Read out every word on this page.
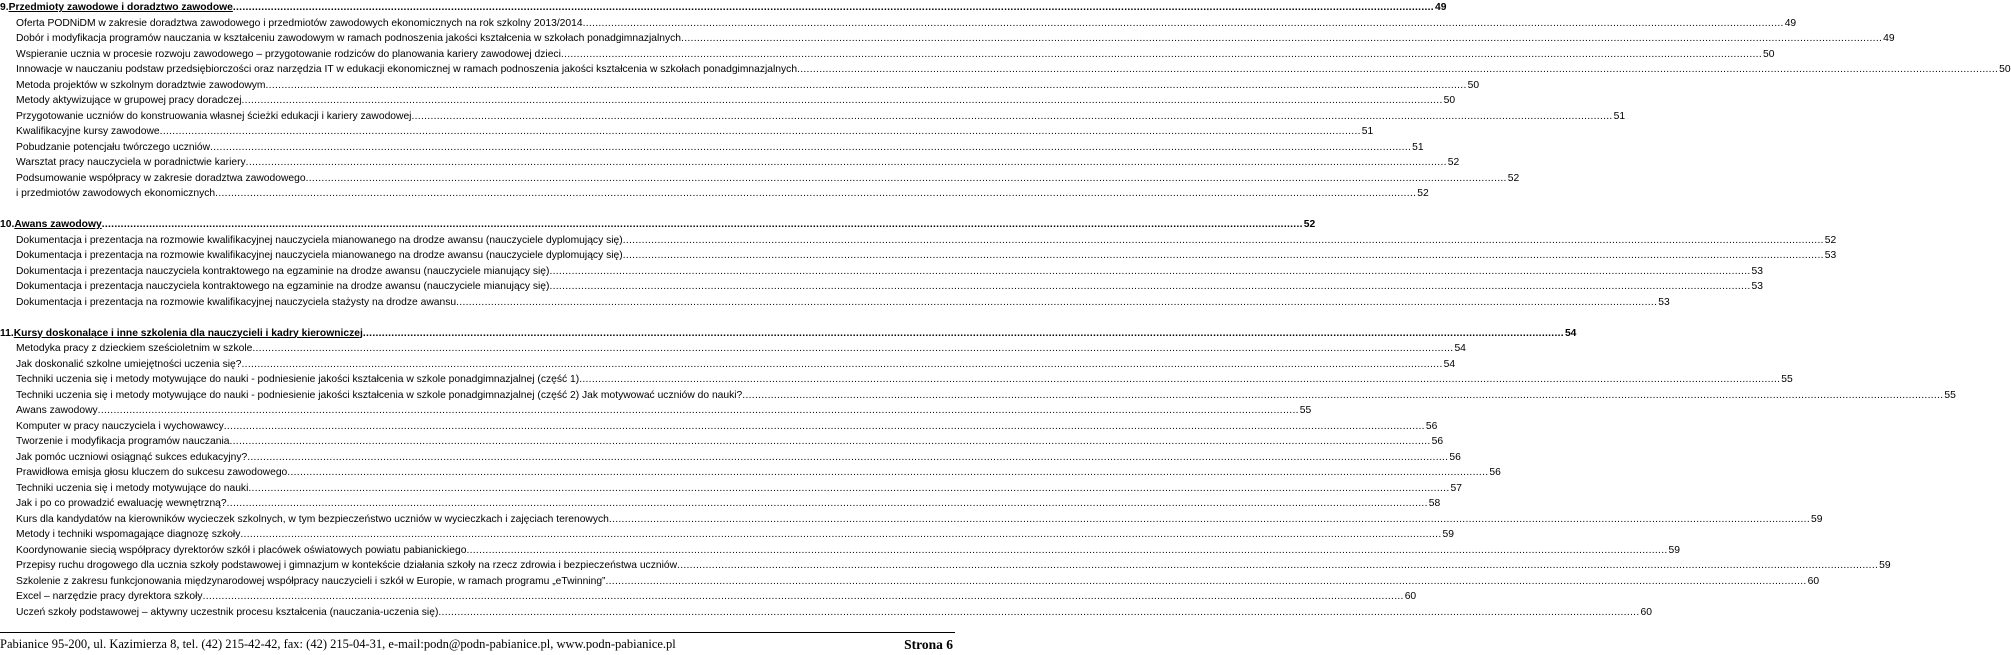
9. Przedmioty zawodowe i doradztwo zawodowe .....	49
Oferta PODNiDM w zakresie doradztwa zawodowego i przedmiotów zawodowych ekonomicznych na rok szkolny 2013/2014 .....	49
Dobór i modyfikacja programów nauczania w kształceniu zawodowym w ramach podnoszenia jakości kształcenia w szkołach ponadgimnazjalnych .....	49
Wspieranie ucznia w procesie rozwoju zawodowego – przygotowanie rodziców do planowania kariery zawodowej dzieci .....	50
Innowacje w nauczaniu podstaw przedsiębiorczości oraz narzędzia IT w edukacji ekonomicznej w ramach podnoszenia jakości kształcenia w szkołach ponadgimnazjalnych .....	50
Metoda projektów w szkolnym doradztwie zawodowym .....	50
Metody aktywizujące w grupowej pracy doradczej .....	50
Przygotowanie uczniów do konstruowania własnej ścieżki edukacji i kariery zawodowej .....	51
Kwalifikacyjne kursy zawodowe .....	51
Pobudzanie potencjału twórczego uczniów .....	51
Warsztat pracy nauczyciela w poradnictwie kariery .....	52
Podsumowanie współpracy w zakresie doradztwa zawodowego .....	52
i przedmiotów zawodowych ekonomicznych .....	52
10. Awans zawodowy .....	52
Dokumentacja i prezentacja na rozmowie kwalifikacyjnej nauczyciela mianowanego na drodze awansu (nauczyciele dyplomujący się) .....	52
Dokumentacja i prezentacja na rozmowie kwalifikacyjnej nauczyciela mianowanego na drodze awansu (nauczyciele dyplomujący się) .....	53
Dokumentacja i prezentacja nauczyciela kontraktowego na egzaminie na drodze awansu (nauczyciele mianujący się) .....	53
Dokumentacja i prezentacja nauczyciela kontraktowego na egzaminie na drodze awansu (nauczyciele mianujący się) .....	53
Dokumentacja i prezentacja na rozmowie kwalifikacyjnej nauczyciela stażysty na drodze awansu .....	53
11. Kursy doskonalące i inne szkolenia dla nauczycieli i kadry kierowniczej .....	54
Metodyka pracy z dzieckiem sześcioletnim w szkole .....	54
Jak doskonalić szkolne umiejętności uczenia się? .....	54
Techniki uczenia się i metody motywujące do nauki - podniesienie jakości kształcenia w szkole ponadgimnazjalnej (część 1) .....	55
Techniki uczenia się i metody motywujące do nauki - podniesienie jakości kształcenia w szkole ponadgimnazjalnej (część 2) Jak motywować uczniów do nauki? .....	55
Awans zawodowy .....	55
Komputer w pracy nauczyciela i wychowawcy .....	56
Tworzenie i modyfikacja programów nauczania .....	56
Jak pomóc uczniowi osiągnąć sukces edukacyjny? .....	56
Prawidłowa emisja głosu kluczem do sukcesu zawodowego .....	56
Techniki uczenia się i metody motywujące do nauki .....	57
Jak i po co prowadzić ewaluację wewnętrzną? .....	58
Kurs dla kandydatów na kierowników wycieczek szkolnych, w tym bezpieczeństwo uczniów w wycieczkach i zajęciach terenowych .....	59
Metody i techniki wspomagające diagnozę szkoły .....	59
Koordynowanie siecią współpracy dyrektorów szkół i placówek oświatowych powiatu pabianickiego .....	59
Przepisy ruchu drogowego dla ucznia szkoły podstawowej i gimnazjum w kontekście działania szkoły na rzecz zdrowia i bezpieczeństwa uczniów .....	59
Szkolenie z zakresu funkcjonowania międzynarodowej współpracy nauczycieli i szkół w Europie, w ramach programu „eTwinning” .....	60
Excel – narzędzie pracy dyrektora szkoły .....	60
Uczeń szkoły podstawowej – aktywny uczestnik procesu kształcenia (nauczania-uczenia się) .....	60
Pabianice 95-200, ul. Kazimierza 8, tel. (42) 215-42-42, fax: (42) 215-04-31, e-mail:podn@podn-pabianice.pl, www.podn-pabianice.pl	Strona 6
